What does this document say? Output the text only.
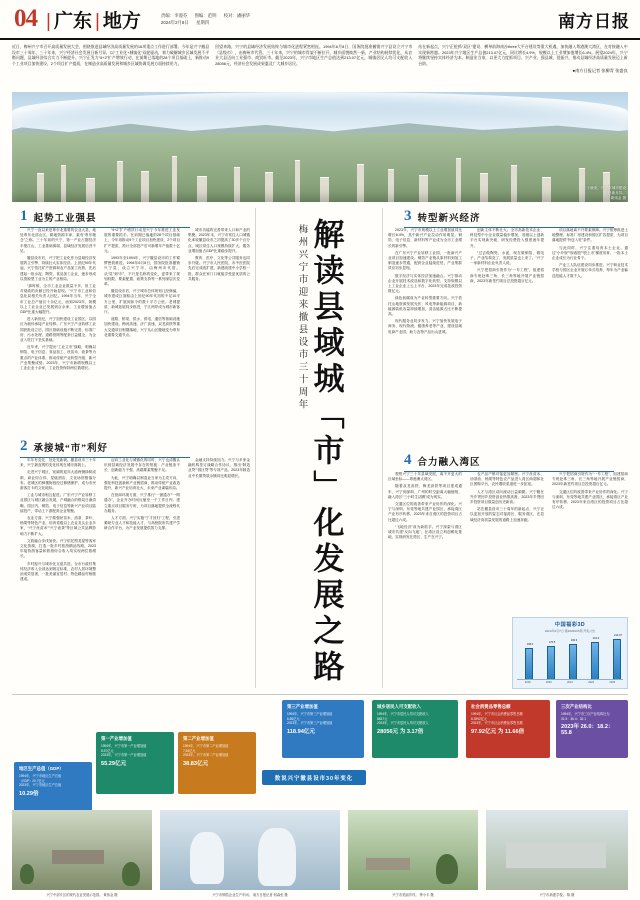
04 | 广东 | 地方	责编：李漫芬 图编：范明 校对：潘丽华 2024年2月8日 星期四	南方日报
近日，梅州兴宁市召开高质量发展大会，围绕推进县域经济高质量发展的16项重点工作进行部署。今年是兴宁撤县设市三十周年，三十年来，兴宁经济社会发展日新月异，以“工业化+城镇化”双轮驱动，着力破解城乡区域发展不平衡问题，县域经济综合实力不断提升。兴宁正发力“9+2”扩产增效行动，在前期已落地的28个项目基础上，新推动9个工业项目加快建设、2个项目扩产提质，在制造业高质量发展和城乡区域协调发展方面持续用力。
回望来路，兴宁的县域经济发展始终与城市化进程紧密相连。1994年6月8日，国务院批准撤销兴宁县设立兴宁市（县级市），由梅州市代管。三十年来，兴宁的城市骨架不断拉开，城乡面貌焕然一新，产业结构持续优化，从农业大县迈向工业强市、商贸旺市。截至2023年，兴宁市地区生产总值达到213.07亿元，城镇居民人均可支配收入28056元，经济社会发展成果惠及广大城乡居民。
站在新起点，兴宁正抢抓“双区”建设、横琴前海南沙three大平台建设等重大机遇，加快融入粤港澳大湾区，在对接融入中实现新跨越。2023年兴宁地区生产总值213.07亿元，同比增长4.9%，规模以上工业增加值增长6.4%。展望2024年，兴宁将继续坚持实体经济为本、制造业当家，以更大力度抓项目、兴产业、强县城、促振兴，推动县域经济高质量发展迈上新台阶。
●南方日报记者 张柳青 张盛良
三十载来，兴宁市城市建设
日新月异。
黄伟金 摄
1 起势工业强县	3 转型新兴经济
2 承接城“市”利好
4 合力融入湾区

兴宁一直以来是粤东北重要的农业大县，地处粤东北部山区，耕地资源丰沛，素有“粤东粮仓”之称。三十年前的兴宁，第一产业占据经济半壁江山，工业基础薄弱，县域经济发展后劲不足。

撤县设市后，兴宁把工业化作为县域经济发展的主引擎，持续壮大实体经济。上世纪90年代起，兴宁依托矿产资源和农产品加工优势，先后建起一批水泥、陶瓷、食品加工企业，逐步形成以资源型工业为主的产业格局。

“那时候，全市工业企业数量不多，但工业对财政的贡献已经开始显现。”兴宁市工业和信息化局相关负责人回忆。1994年当年，兴宁全市工业总产值仅十余亿元，而到2023年，规模以上工业企业已发展到百余家，工业增加值占GDP比重大幅提升。

进入新世纪，兴宁加快建设工业园区，以园区为载体承接产业转移。广东兴宁产业转移工业园获批设立后，园区基础设施不断完善，标准厂房、污水处理、道路管网等配套日益健全，为企业入驻打下坚实基础。

近年来，兴宁提出“工业立市”战略，明确以铜箔、电子信息、食品加工、丝苗米、油茶等为重点的产业体系，推动传统产业转型升级、新兴产业集聚成势。2023年，兴宁市新增规模以上工业企业十余家，工业投资保持两位数增长。

“9+2”扩产增效行动是兴宁今年推进工业发展的重要抓手。在前期已落地的28个项目基础上，今年再推动9个工业项目加快建设、2个项目扩产提质，预计全部投产后可新增年产值数十亿元。

1993年至1994年，兴宁撤县设市的工作紧锣密鼓推进。1994年6月8日，国务院批准撤销兴宁县，设立兴宁市，由梅州市代管。从“县”到“市”，不只是名称的变化，更带来了规划权限、要素配置、政策支持等一系列深层次变革。

撤县设市后，兴宁城市总体规划几经修编，城市建成区面积由上世纪90年代初的不足10平方公里，扩展到如今的数十平方公里。老城提质、新城拓展同步推进，宁江两岸成为城市新客厅。

道路、桥梁、供水、供电、通信等基础设施加快建设。梅河高速、济广高速、双龙高铁等重大交通项目相继落地，兴宁从山区腹地变为粤东北重要交通节点。

城市功能的完善带来人口和产业的集聚。2023年末，兴宁市常住人口城镇化率较撤县设市之初提高了30多个百分点，城区常住人口规模持续扩大，服务业增加值占GDP比重稳步提升。

教育、医疗、文化等公共服务也同步升级。兴宁市人民医院、市中医医院先后完成改扩建，新建改建中小学校一批，群众在家门口就能享受更优质的公共服务。

年年有变化、处处见新貌。撤县设市三十年来，兴宁最直观的变化体现在城市面貌上。

走进兴宁城区，宽阔的迎宾大道两侧绿树成荫，商业综合体、星级酒店、文化场馆错落分布。老城区的骑楼街巷经过修缮保护，成为市民游客打卡的文化地标。

工业与城市相互促进。广东兴宁产业转移工业园区与城区融合发展，产城融合的格局日渐清晰。园区内，铜箔、电子信息等新兴产业项目陆续投产，带动上下游配套企业集聚。

农业方面，兴宁做强丝苗米、油茶、茶叶、柚果等特色产业，培育省级以上农业龙头企业多家，“兴宁丝苗米”“兴宁油茶”等区域公共品牌影响力不断扩大。

文旅融合步伐加快。兴宁依托围龙屋等客家文化资源，打造一批乡村旅游精品线路，2023年接待游客量和旅游综合收入均实现两位数增长。

乡村振兴与城市化互促共进。全市行政村集体经济收入全部达到规定标准，农村人居环境整治成效显著，一批美丽宜居村、特色精品村相继建成。

迈向工业化与城镇化的同时，兴宁也清醒认识到县域经济发展中存在的短板：产业链条不长、创新能力不强、高端要素集聚不足。

为此，兴宁明确以制造业当家为主攻方向，强化科技创新和产业链招商，推动传统产业改造提升、新兴产业培育壮大、未来产业谋篇布局。

在营商环境方面，兴宁推行“一窗通办”“一网通办”，企业开办时间压缩至一个工作日内；建立重点项目服务专班，为项目落地提供全流程代办服务。

人才方面，兴宁实施“宁才回归”工程，引进紧缺专业人才和技能人才，与高校院所共建产学研合作平台，为产业发展提供智力支撑。

金融支持持续加力。兴宁与多家金融机构签订战略合作协议，推出“制造业贷”“园区贷”等专项产品，2023年制造业中长期贷款余额同比明显增长。

2023年，兴宁市规模以上工业增加值同比增长6.4%，其中新兴产业拉动作用明显。铜箔、电子信息、新材料等产业成为全市工业增长的新引擎。

在广东兴宁产业转移工业园，一批新兴产业项目加速建设。铜箔产业链从原材料到加工制造逐步贯通，配套企业陆续进驻，产业集群效应初步显现。

数字经济与实体经济加速融合。兴宁推动企业开展技术改造和数字化转型，支持规模以上工业企业上云上平台，2023年完成技改投资数亿元。

绿色低碳成为产业转型重要方向。兴宁依托山地资源发展光伏、风电等新能源项目，新能源装机容量持续增加，清洁能源占比不断提高。

现代服务业同步发力。兴宁加快发展电子商务、现代物流、健康养老等产业，建设县域电商产业园，助力农特产品出山进城。

创新主体不断壮大。全市高新技术企业、科技型中小企业数量稳步增加，省级以上创新平台实现新突破，研发经费投入强度逐年提升。

“过去做陶瓷、水泥，现在做铜箔、做电子，产业结构变了，发展质量也上来了。”兴宁一家新材料企业负责人说。

兴宁把招商引资作为“一号工程”，组建招商专班赴珠三角、长三角等地开展产业链招商，2023年新签约项目总投资超百亿元。

项目落地离不开要素保障。兴宁统筹推进土地整理、标准厂房建设和园区扩容提质，为项目落地提供“拎包入驻”条件。

与此同时，兴宁注重培育本土企业。通过“小升规”“规改股”“股上市”梯度培育，一批本土企业成长为行业骨干。

产业工人队伍建设同步推进。兴宁职业技术学校与园区企业开展订单式培养，每年为产业输送技能人才数千人。

观察兴宁三十年县域发展，离不开更大的区域坐标——粤港澳大湾区。

随着双龙高铁、梅龙高铁等项目建成通车，兴宁到深圳、广州的时空距离大幅缩短，融入湾区“三小时生活圈”成为现实。

交通区位的改善带来产业协作的深化。兴宁与深圳、东莞等地共建产业园区，承接湾区产业有序转移，2023年来自湾区的投资项目占比超过六成。

“飞地经济”成为新抓手。兴宁探索与湾区城市共建“反向飞地”，在湾区设立科创孵化基地，实现研发在湾区、生产在兴宁。

农产品产销对接更加紧密。兴宁丝苗米、油茶油、柚果等特色农产品进入湾区商超和社区团购平台，农民增收渠道进一步拓宽。

人才与湾区双向流动日益频繁。兴宁籍在外乡贤回乡投资创业热情高涨，2023年乡贤回乡投资项目数量创历史新高。

站在撤县设市三十周年的新起点，兴宁正以更加开放的姿态对接湾区、服务湾区，在县域经济高质量发展的道路上加速奔跑。

兴宁把招商引资作为“一号工程”，组建招商专班赴珠三角、长三角等地开展产业链招商，2023年新签约项目总投资超百亿元。

交通区位的改善带来产业协作的深化。兴宁与深圳、东莞等地共建产业园区，承接湾区产业有序转移，2023年来自湾区的投资项目占比超过六成。

解读县域城「市」化发展之路
梅州兴宁市迎来撤县设市三十周年
中国福彩3D
2024年2月7日 第2024037期 开奖公告
168.2
176.5
190.3
201.6
213.07
2019	2020	2021	2022	2023
地区生产总值（GDP）
1994年，兴宁市地区生产总值
（GDP）20.7亿元
2023年，兴宁市地区生产总值
10.29倍
第一产业增加值
1994年，兴宁市第一产业增加值
8.57亿元
2023年，兴宁市第一产业增加值
55.29亿元
第二产业增加值
1994年，兴宁市第二产业增加值
7.54亿元
2023年，兴宁市第二产业增加值
38.83亿元
第三产业增加值
1994年，兴宁市第三产业增加值
6.65亿元
2023年，兴宁市第三产业增加值
118.94亿元
城乡居民人可支配收入
1994年，兴宁市居民人均可支配收入
8837元
2023年，兴宁市居民人均可支配收入
28056元 为 3.17倍
社会消费品零售总额
1994年，兴宁市社会消费品零售总额
8.3992亿元
2023年，兴宁市社会消费品零售总额
97.92亿元 为 11.66倍
三次产业结构比
1994年，兴宁市三次产业结构比为
31.5：36.4：32.1
2023年 26.0：18.2：55.8
数说兴宁撤县设市30年变化
兴宁中部片区的现代农业发展示范园。 黄伟金 摄	兴宁市铜箔企业生产车间。 南方日报记者 何森垒 摄	兴宁市美丽乡村。 钟小丰 摄	兴宁市新建学校。 陈 摄
